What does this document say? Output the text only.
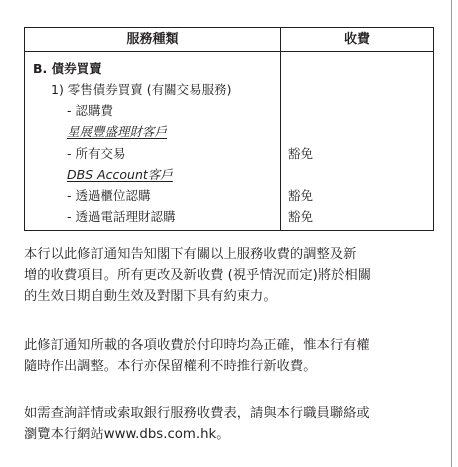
服務種類	收費
B. 債券買賣
1) 零售債券買賣 (有關交易服務)
- 認購費
星展豐盛理財客戶
- 所有交易	豁免
DBS Account客戶
- 透過櫃位認購	豁免
- 透過電話理財認購	豁免
本行以此修訂通知告知閣下有關以上服務收費的調整及新
增的收費項目。所有更改及新收費 (視乎情況而定)將於相關
的生效日期自動生效及對閣下具有約束力。
此修訂通知所載的各項收費於付印時均為正確，惟本行有權
隨時作出調整。本行亦保留權利不時推行新收費。
如需查詢詳情或索取銀行服務收費表，請與本行職員聯絡或
瀏覽本行網站www.dbs.com.hk。
